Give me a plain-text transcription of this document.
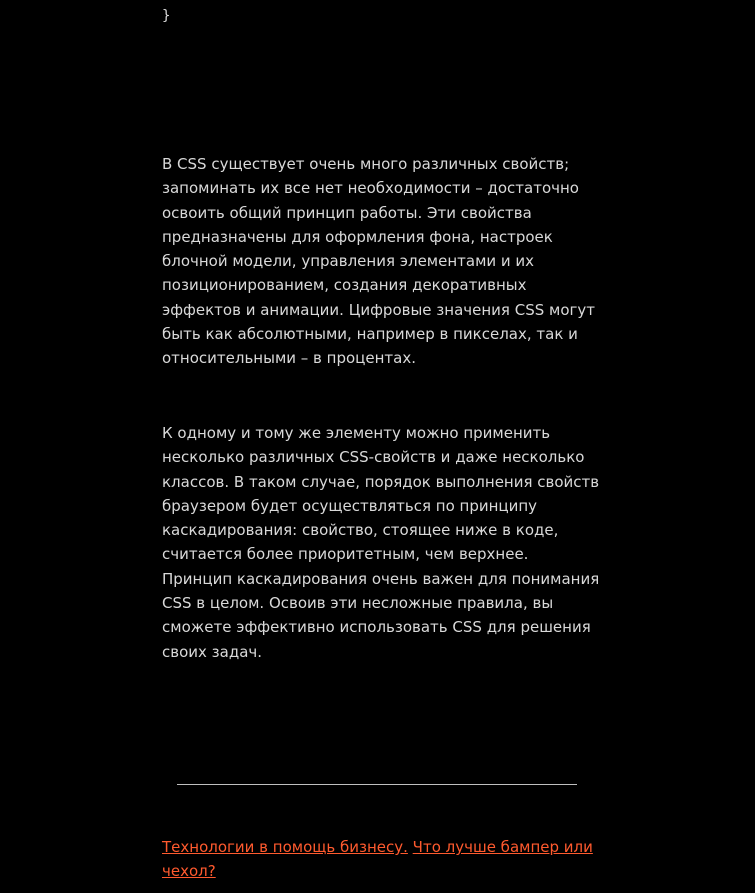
}

В CSS существует очень много различных свойств; запоминать их все нет необходимости – достаточно освоить общий принцип работы. Эти свойства предназначены для оформления фона, настроек блочной модели, управления элементами и их позиционированием, создания декоративных эффектов и анимации. Цифровые значения CSS могут быть как абсолютными, например в пикселах, так и относительными – в процентах.

К одному и тому же элементу можно применить несколько различных CSS-свойств и даже несколько классов. В таком случае, порядок выполнения свойств браузером будет осуществляться по принципу каскадирования: свойство, стоящее ниже в коде, считается более приоритетным, чем верхнее. Принцип каскадирования очень важен для понимания CSS в целом. Освоив эти несложные правила, вы сможете эффективно использовать CSS для решения своих задач.

Технологии в помощь бизнесу. Что лучше бампер или чехол?
